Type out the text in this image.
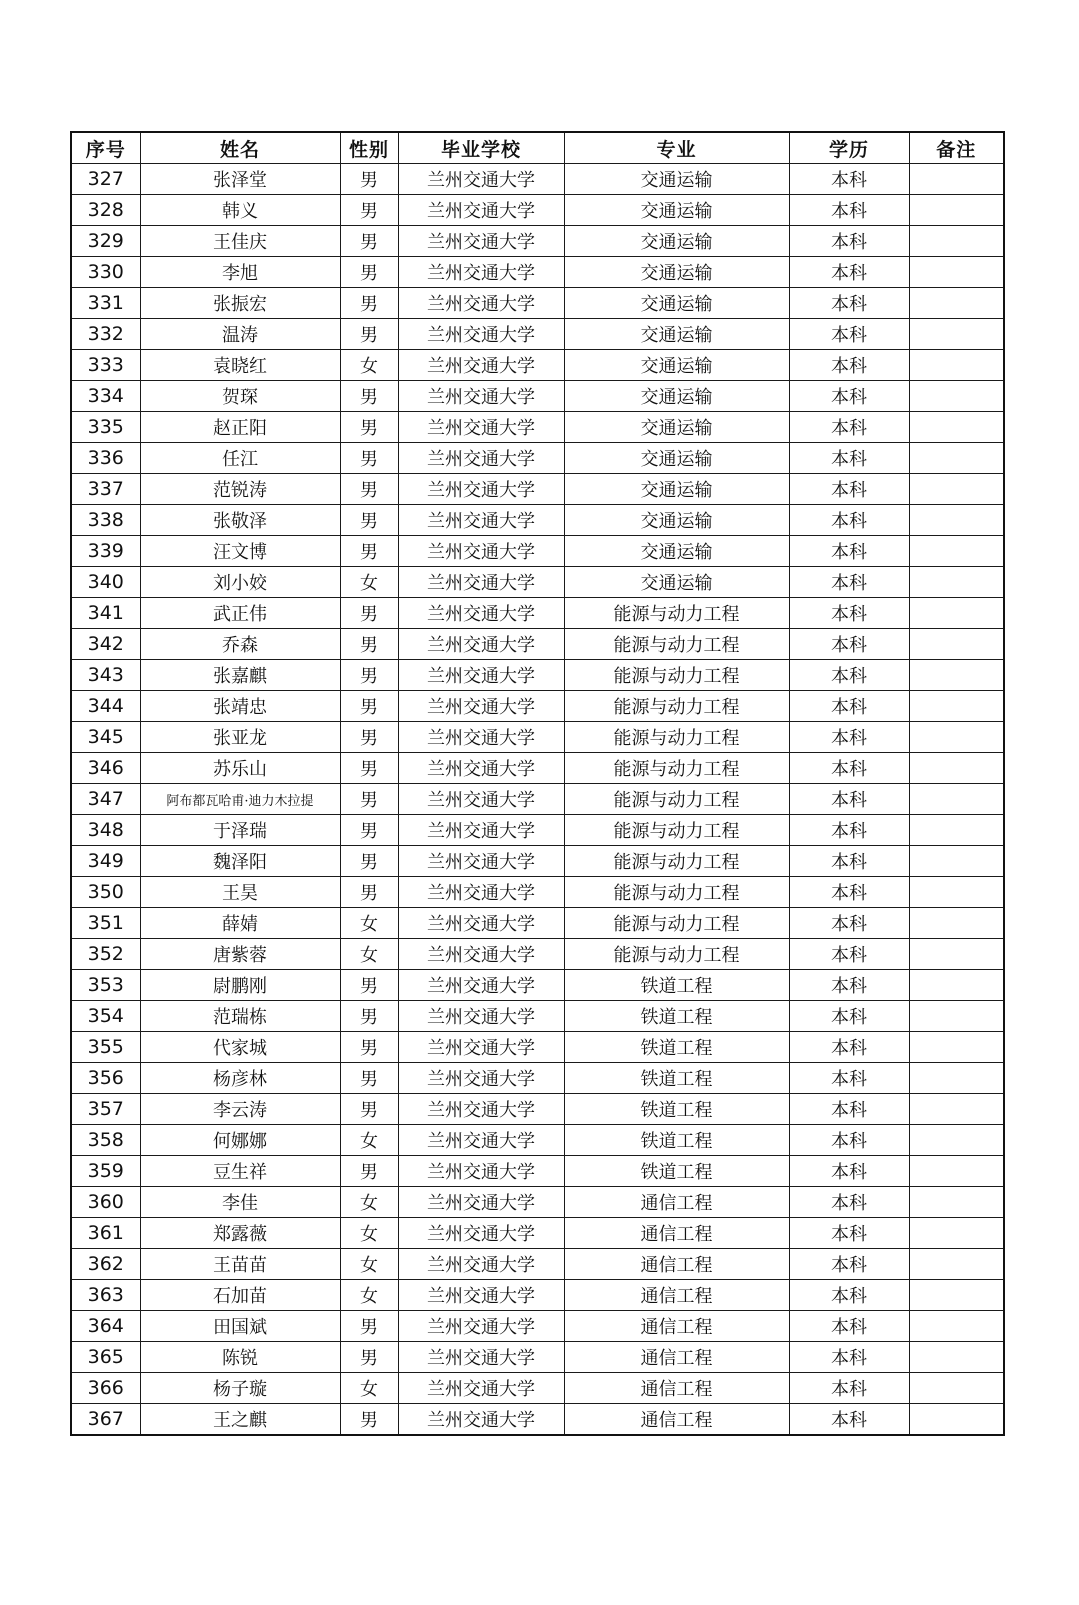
序号	姓名	性别	毕业学校	专业	学历	备注
327	张泽堂	男	兰州交通大学	交通运输	本科	
328	韩义	男	兰州交通大学	交通运输	本科	
329	王佳庆	男	兰州交通大学	交通运输	本科	
330	李旭	男	兰州交通大学	交通运输	本科	
331	张振宏	男	兰州交通大学	交通运输	本科	
332	温涛	男	兰州交通大学	交通运输	本科	
333	袁晓红	女	兰州交通大学	交通运输	本科	
334	贺琛	男	兰州交通大学	交通运输	本科	
335	赵正阳	男	兰州交通大学	交通运输	本科	
336	任江	男	兰州交通大学	交通运输	本科	
337	范锐涛	男	兰州交通大学	交通运输	本科	
338	张敬泽	男	兰州交通大学	交通运输	本科	
339	汪文博	男	兰州交通大学	交通运输	本科	
340	刘小姣	女	兰州交通大学	交通运输	本科	
341	武正伟	男	兰州交通大学	能源与动力工程	本科	
342	乔森	男	兰州交通大学	能源与动力工程	本科	
343	张嘉麒	男	兰州交通大学	能源与动力工程	本科	
344	张靖忠	男	兰州交通大学	能源与动力工程	本科	
345	张亚龙	男	兰州交通大学	能源与动力工程	本科	
346	苏乐山	男	兰州交通大学	能源与动力工程	本科	
347	阿布都瓦哈甫·迪力木拉提	男	兰州交通大学	能源与动力工程	本科	
348	于泽瑞	男	兰州交通大学	能源与动力工程	本科	
349	魏泽阳	男	兰州交通大学	能源与动力工程	本科	
350	王昊	男	兰州交通大学	能源与动力工程	本科	
351	薛婧	女	兰州交通大学	能源与动力工程	本科	
352	唐紫蓉	女	兰州交通大学	能源与动力工程	本科	
353	尉鹏刚	男	兰州交通大学	铁道工程	本科	
354	范瑞栋	男	兰州交通大学	铁道工程	本科	
355	代家城	男	兰州交通大学	铁道工程	本科	
356	杨彦林	男	兰州交通大学	铁道工程	本科	
357	李云涛	男	兰州交通大学	铁道工程	本科	
358	何娜娜	女	兰州交通大学	铁道工程	本科	
359	豆生祥	男	兰州交通大学	铁道工程	本科	
360	李佳	女	兰州交通大学	通信工程	本科	
361	郑露薇	女	兰州交通大学	通信工程	本科	
362	王苗苗	女	兰州交通大学	通信工程	本科	
363	石加苗	女	兰州交通大学	通信工程	本科	
364	田国斌	男	兰州交通大学	通信工程	本科	
365	陈锐	男	兰州交通大学	通信工程	本科	
366	杨子璇	女	兰州交通大学	通信工程	本科	
367	王之麒	男	兰州交通大学	通信工程	本科	
